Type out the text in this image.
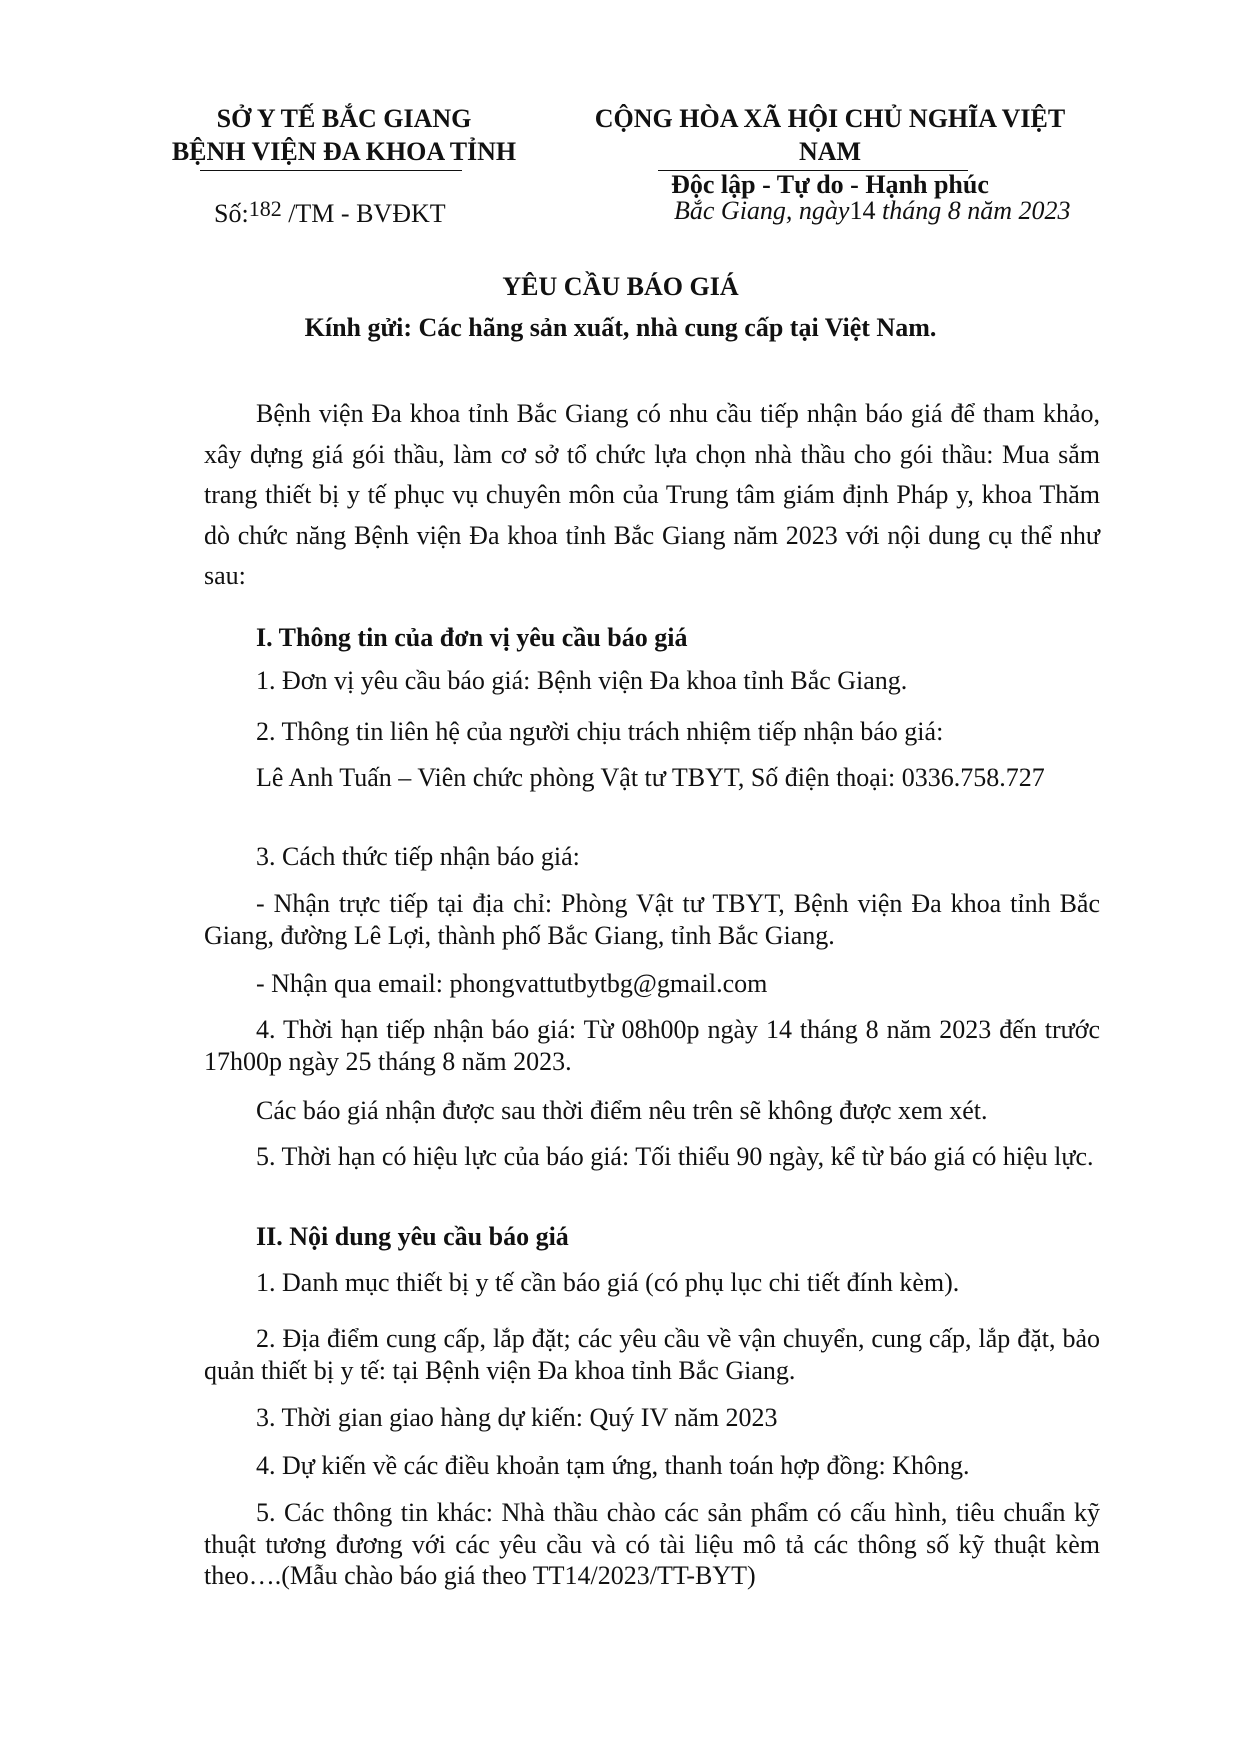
SỞ Y TẾ BẮC GIANG
BỆNH VIỆN ĐA KHOA TỈNH
CỘNG HÒA XÃ HỘI CHỦ NGHĨA VIỆT NAM
Độc lập - Tự do - Hạnh phúc
Số:$^{182}$ /TM - BVĐKT	Bắc Giang, ngày14 tháng 8 năm 2023
YÊU CẦU BÁO GIÁ
Kính gửi: Các hãng sản xuất, nhà cung cấp tại Việt Nam.
Bệnh viện Đa khoa tỉnh Bắc Giang có nhu cầu tiếp nhận báo giá để tham khảo, xây dựng giá gói thầu, làm cơ sở tổ chức lựa chọn nhà thầu cho gói thầu: Mua sắm trang thiết bị y tế phục vụ chuyên môn của Trung tâm giám định Pháp y, khoa Thăm dò chức năng Bệnh viện Đa khoa tỉnh Bắc Giang năm 2023 với nội dung cụ thể như sau:
I. Thông tin của đơn vị yêu cầu báo giá
1. Đơn vị yêu cầu báo giá: Bệnh viện Đa khoa tỉnh Bắc Giang.
2. Thông tin liên hệ của người chịu trách nhiệm tiếp nhận báo giá:
Lê Anh Tuấn – Viên chức phòng Vật tư TBYT, Số điện thoại: 0336.758.727
3. Cách thức tiếp nhận báo giá:
- Nhận trực tiếp tại địa chỉ: Phòng Vật tư TBYT, Bệnh viện Đa khoa tỉnh Bắc Giang, đường Lê Lợi, thành phố Bắc Giang, tỉnh Bắc Giang.
- Nhận qua email: phongvattutbytbg@gmail.com
4. Thời hạn tiếp nhận báo giá: Từ 08h00p ngày 14 tháng 8 năm 2023 đến trước 17h00p ngày 25 tháng 8 năm 2023.
Các báo giá nhận được sau thời điểm nêu trên sẽ không được xem xét.
5. Thời hạn có hiệu lực của báo giá: Tối thiểu 90 ngày, kể từ báo giá có hiệu lực.
II. Nội dung yêu cầu báo giá
1. Danh mục thiết bị y tế cần báo giá (có phụ lục chi tiết đính kèm).
2. Địa điểm cung cấp, lắp đặt; các yêu cầu về vận chuyển, cung cấp, lắp đặt, bảo quản thiết bị y tế: tại Bệnh viện Đa khoa tỉnh Bắc Giang.
3. Thời gian giao hàng dự kiến: Quý IV năm 2023
4. Dự kiến về các điều khoản tạm ứng, thanh toán hợp đồng: Không.
5. Các thông tin khác: Nhà thầu chào các sản phẩm có cấu hình, tiêu chuẩn kỹ thuật tương đương với các yêu cầu và có tài liệu mô tả các thông số kỹ thuật kèm theo….(Mẫu chào báo giá theo TT14/2023/TT-BYT)
